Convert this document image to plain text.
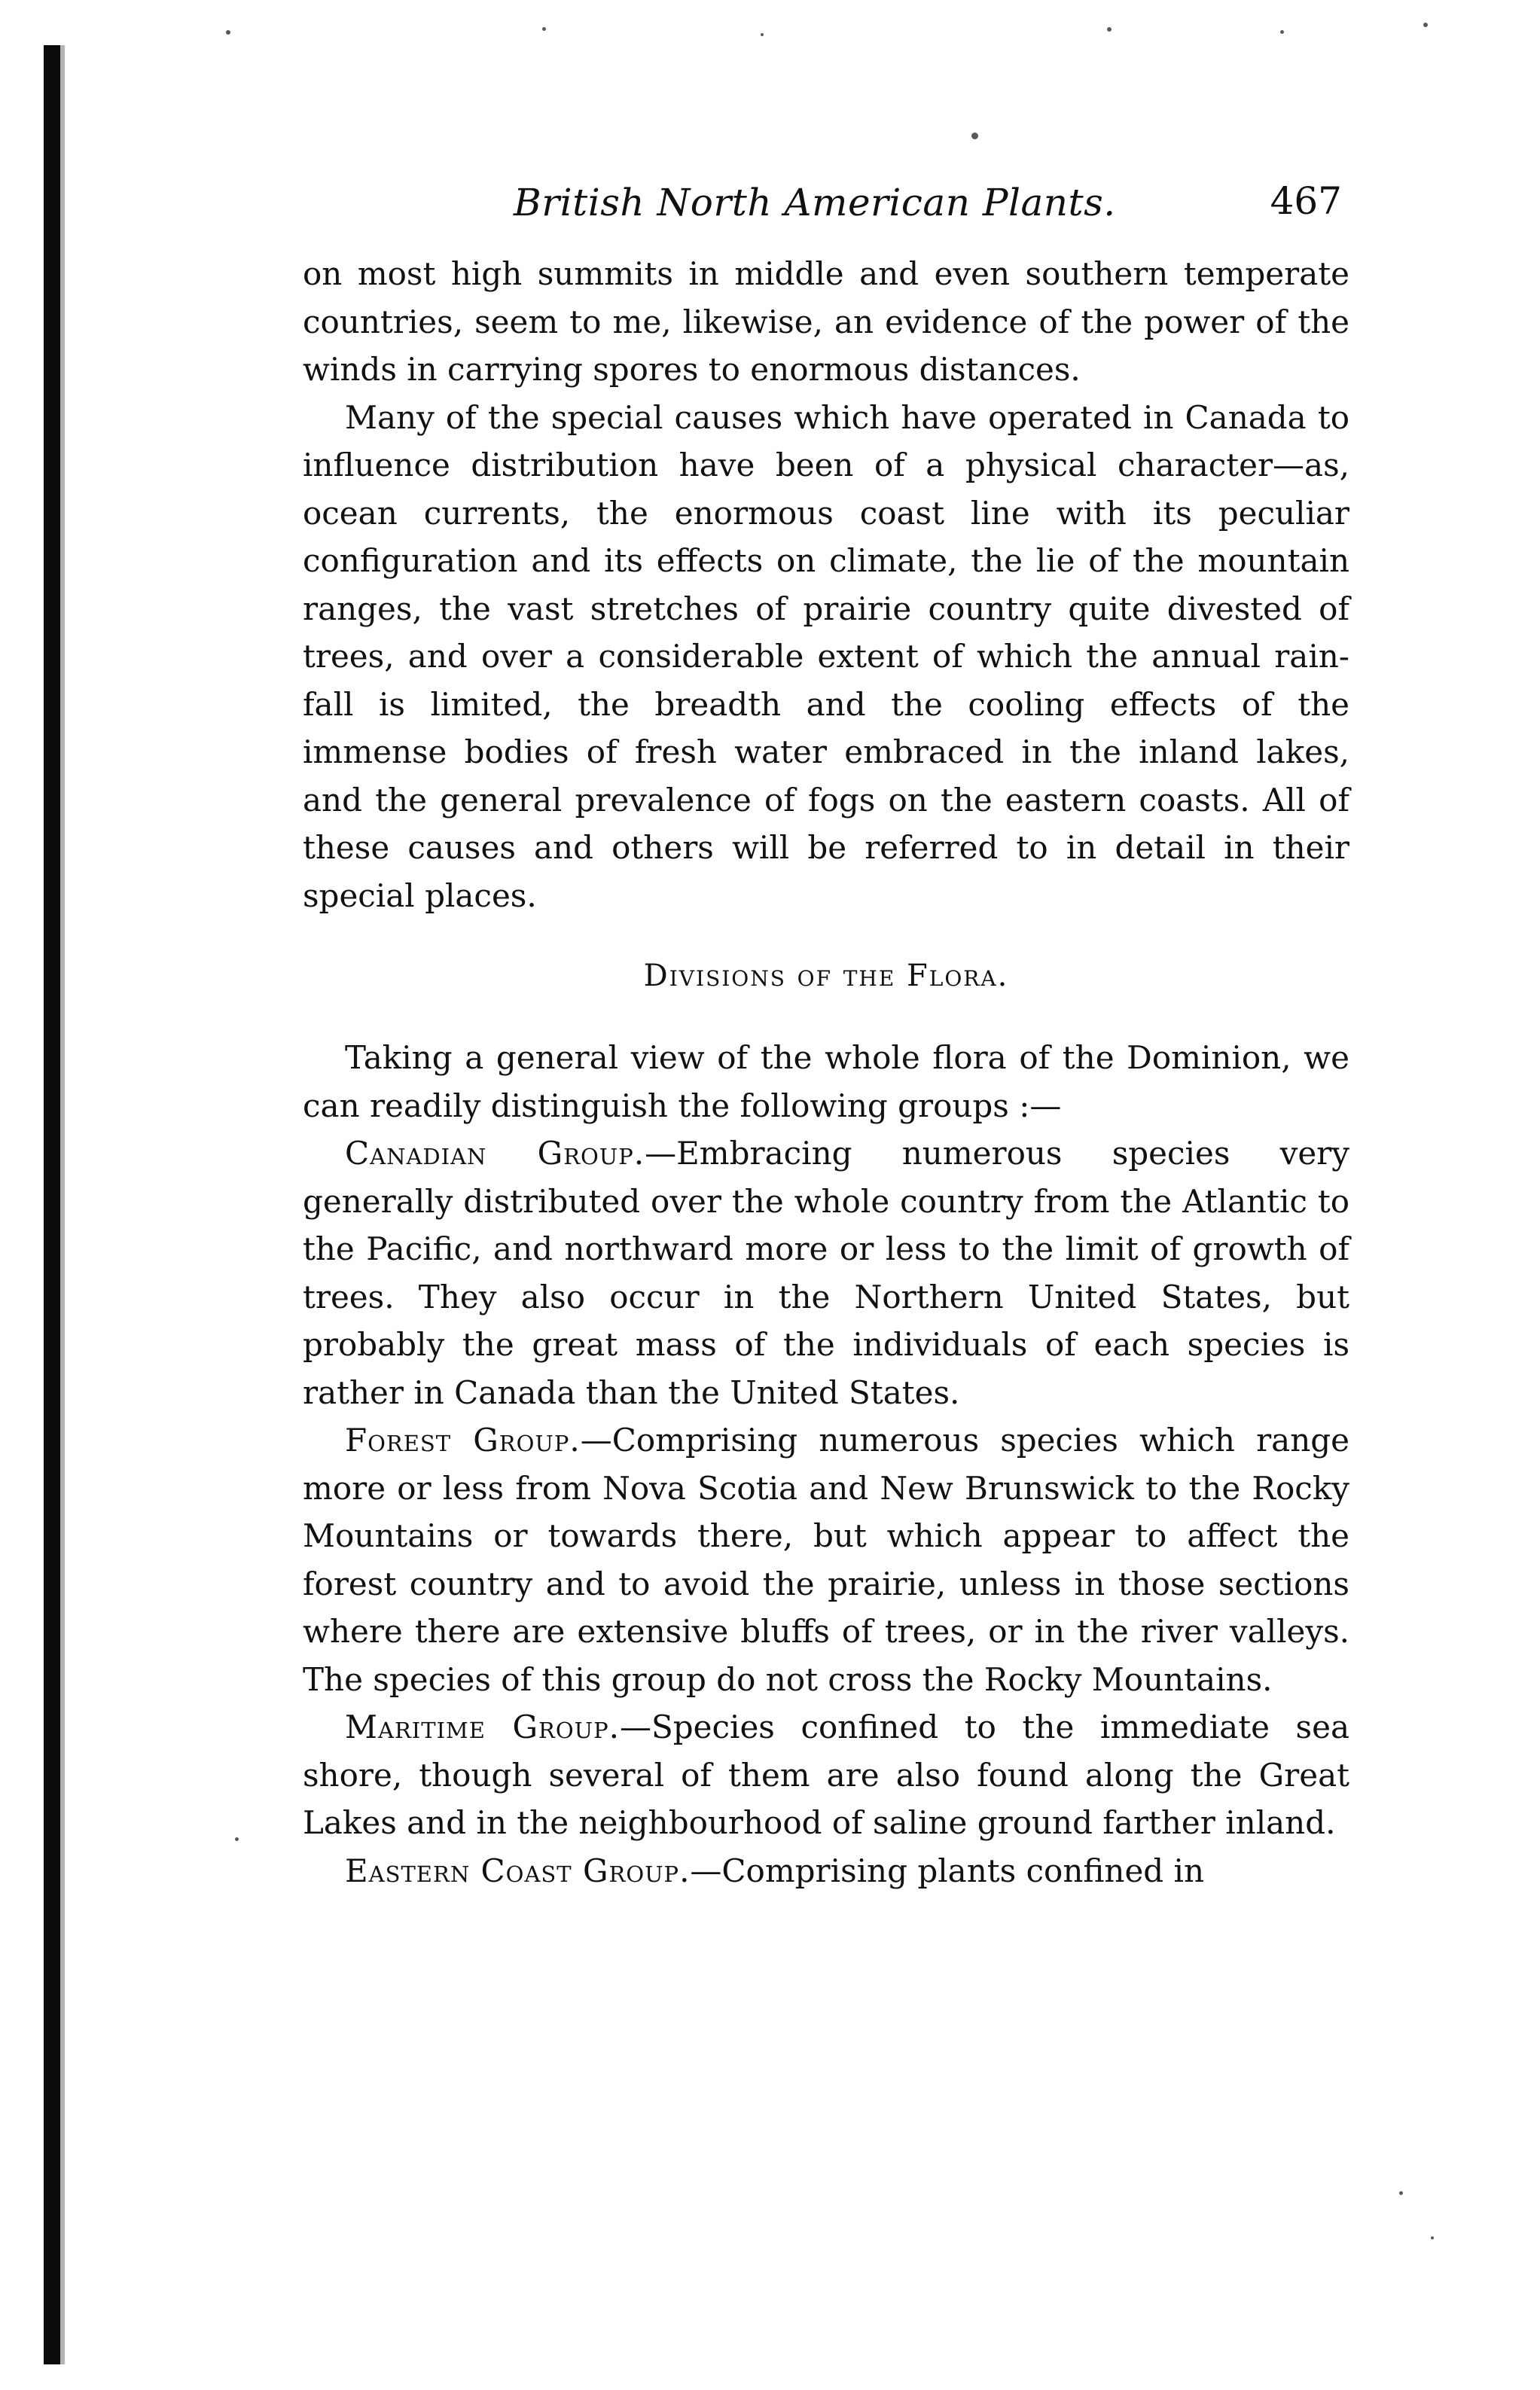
British North American Plants.	467

on most high summits in middle and even southern temperate countries, seem to me, likewise, an evidence of the power of the winds in carrying spores to enormous distances.

Many of the special causes which have operated in Canada to influence distribution have been of a physical character—as, ocean currents, the enormous coast line with its peculiar configuration and its effects on climate, the lie of the mountain ranges, the vast stretches of prairie country quite divested of trees, and over a considerable extent of which the annual rain-fall is limited, the breadth and the cooling effects of the immense bodies of fresh water embraced in the inland lakes, and the general prevalence of fogs on the eastern coasts. All of these causes and others will be referred to in detail in their special places.

Divisions of the Flora.

Taking a general view of the whole flora of the Dominion, we can readily distinguish the following groups :—

Canadian Group.—Embracing numerous species very generally distributed over the whole country from the Atlantic to the Pacific, and northward more or less to the limit of growth of trees. They also occur in the Northern United States, but probably the great mass of the individuals of each species is rather in Canada than the United States.

Forest Group.—Comprising numerous species which range more or less from Nova Scotia and New Brunswick to the Rocky Mountains or towards there, but which appear to affect the forest country and to avoid the prairie, unless in those sections where there are extensive bluffs of trees, or in the river valleys. The species of this group do not cross the Rocky Mountains.

Maritime Group.—Species confined to the immediate sea shore, though several of them are also found along the Great Lakes and in the neighbourhood of saline ground farther inland.

Eastern Coast Group.—Comprising plants confined in
